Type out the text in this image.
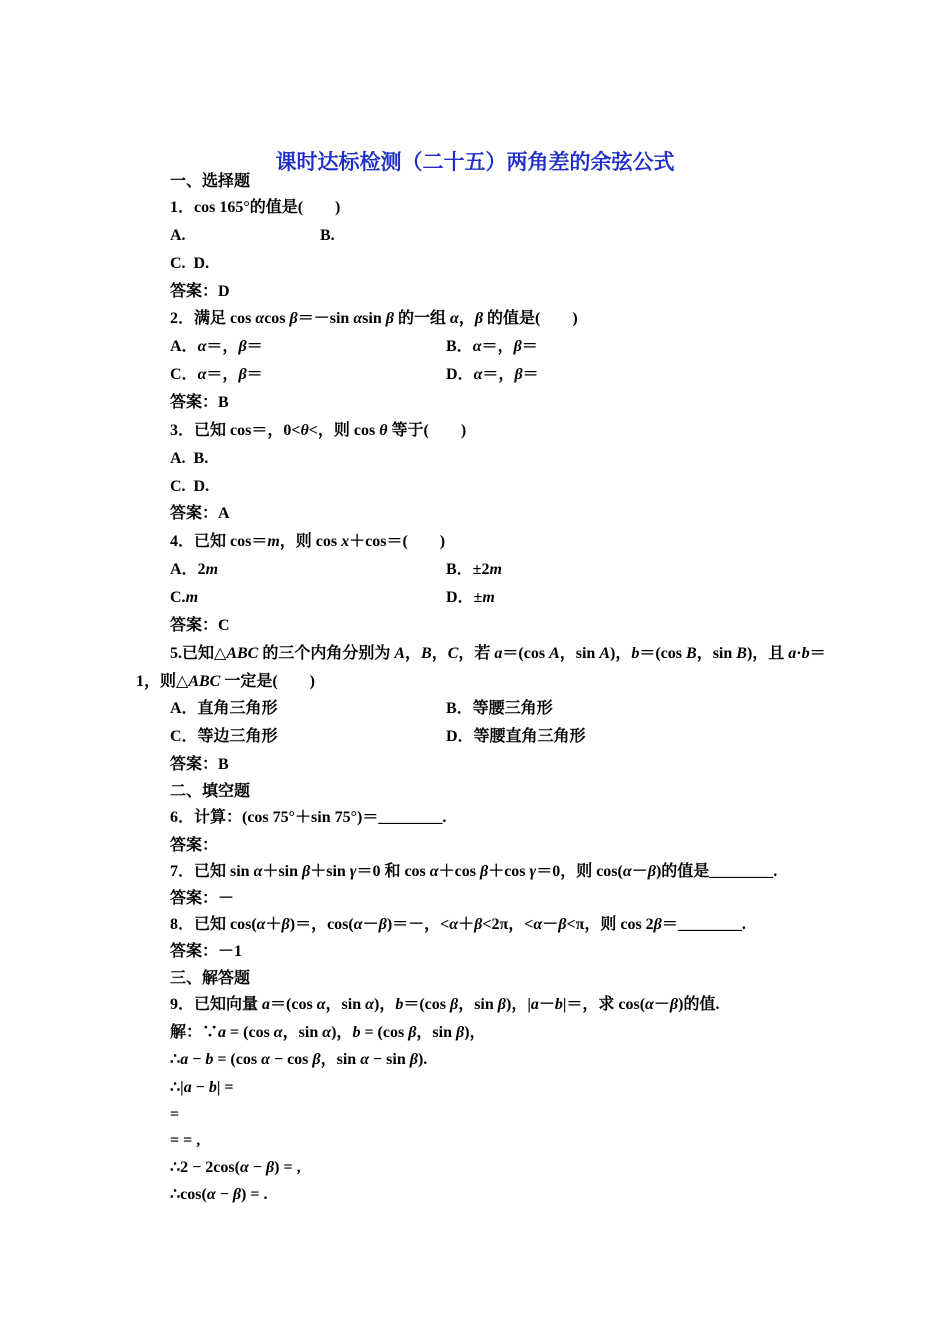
课时达标检测（二十五）两角差的余弦公式
一、选择题
1．cos 165°的值是(　　)
A.	B.
C.  D.
答案：D
2．满足 cos αcos β＝－sin αsin β 的一组 α，β 的值是(　　)
A．α＝，β＝	B．α＝，β＝
C．α＝，β＝	D．α＝，β＝
答案：B
3．已知 cos＝，0<θ<，则 cos θ 等于(　　)
A.  B.
C.  D.
答案：A
4．已知 cos＝m，则 cos x＋cos＝(　　)
A．2m	B．±2m
C.m	D．±m
答案：C
5.已知△ABC 的三个内角分别为 A，B，C，若 a＝(cos A，sin A)，b＝(cos B，sin B)，且 a·b＝
1，则△ABC 一定是(　　)
A．直角三角形	B．等腰三角形
C．等边三角形	D．等腰直角三角形
答案：B
二、填空题
6．计算：(cos 75°＋sin 75°)＝________.
答案：
7．已知 sin α＋sin β＋sin γ＝0 和 cos α＋cos β＋cos γ＝0，则 cos(α－β)的值是________.
答案：－
8．已知 cos(α＋β)＝，cos(α－β)＝－，<α＋β<2π，<α－β<π，则 cos 2β＝________.
答案：－1
三、解答题
9．已知向量 a＝(cos α，sin α)，b＝(cos β，sin β)，|a－b|＝，求 cos(α－β)的值.
解：∵a = (cos α，sin α)，b = (cos β，sin β)，
∴a − b = (cos α − cos β，sin α − sin β).
∴|a − b| =
=
= = ,
∴2 − 2cos(α − β) = ,
∴cos(α − β) = .
